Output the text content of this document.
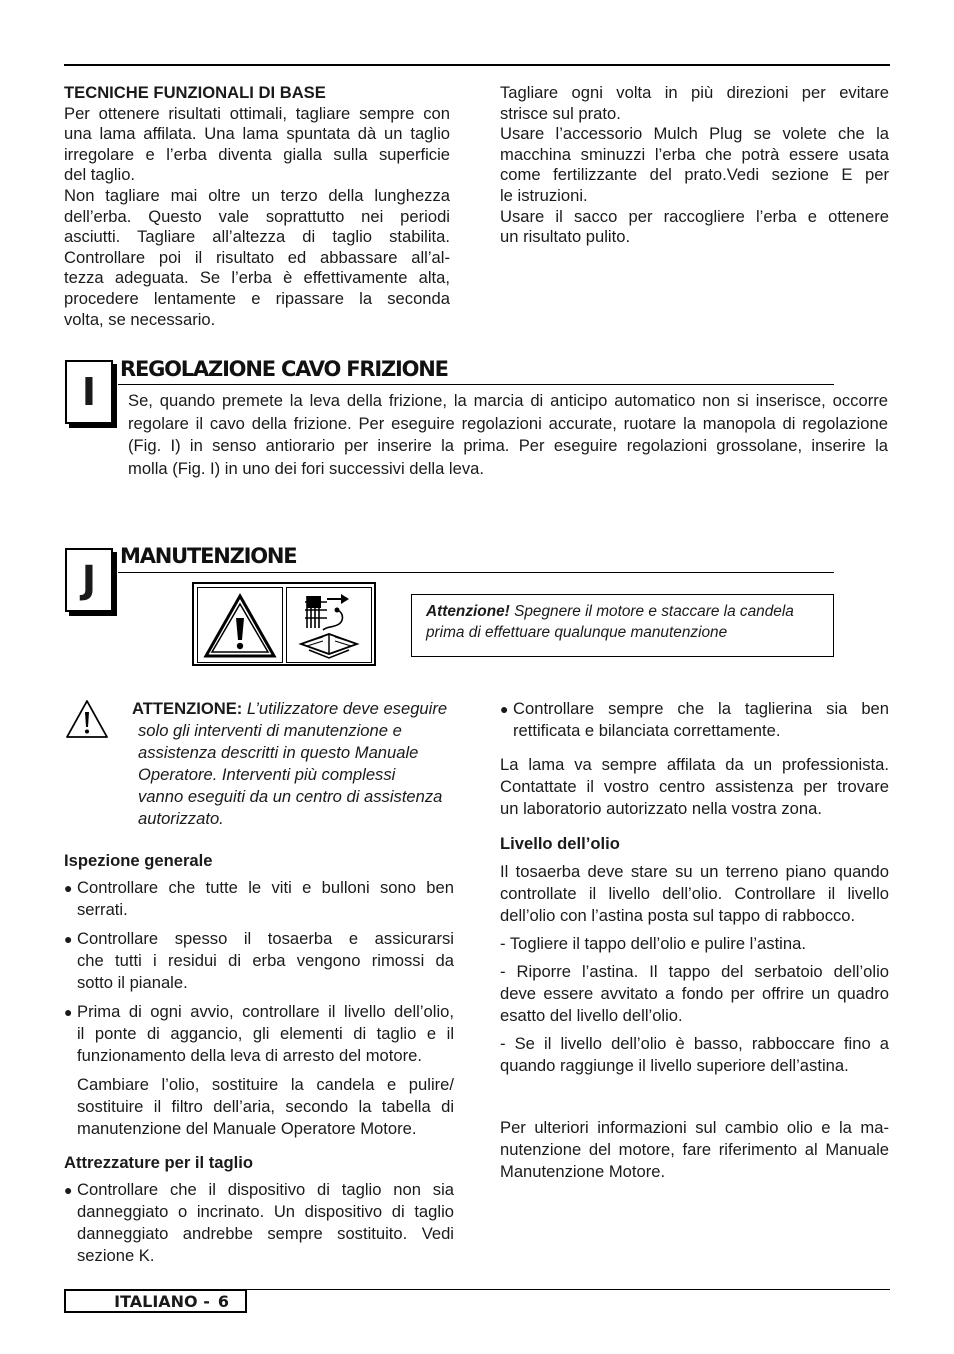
TECNICHE FUNZIONALI DI BASE

Per ottenere risultati ottimali, tagliare sempre con
una lama affilata. Una lama spuntata dà un taglio
irregolare e l’erba diventa gialla sulla superficie
del taglio.
Non tagliare mai oltre un terzo della lunghezza
dell’erba. Questo vale soprattutto nei periodi
asciutti. Tagliare all’altezza di taglio stabilita.
Controllare poi il risultato ed abbassare all’al-
tezza adeguata. Se l’erba è effettivamente alta,
procedere lentamente e ripassare la seconda
volta, se necessario.
Tagliare ogni volta in più direzioni per evitare
strisce sul prato.
Usare l’accessorio Mulch Plug se volete che la
macchina sminuzzi l’erba che potrà essere usata
come fertilizzante del prato.Vedi sezione E per
le istruzioni.
Usare il sacco per raccogliere l’erba e ottenere
un risultato pulito.
I
REGOLAZIONE CAVO FRIZIONE
Se, quando premete la leva della frizione, la marcia di anticipo automatico non si inserisce, occorre
regolare il cavo della frizione. Per eseguire regolazioni accurate, ruotare la manopola di regolazione
(Fig. I) in senso antiorario per inserire la prima. Per eseguire regolazioni grossolane, inserire la
molla (Fig. I) in uno dei fori successivi della leva.
J
MANUTENZIONE
Attenzione! Spegnere il motore e staccare la candela
prima di effettuare qualunque manutenzione
ATTENZIONE: L’utilizzatore deve eseguire
solo gli interventi di manutenzione e
assistenza descritti in questo Manuale
Operatore. Interventi più complessi
vanno eseguiti da un centro di assistenza
autorizzato.
Ispezione generale
● Controllare che tutte le viti e bulloni sono ben
serrati.
● Controllare spesso il tosaerba e assicurarsi
che tutti i residui di erba vengono rimossi da
sotto il pianale.
● Prima di ogni avvio, controllare il livello dell’olio,
il ponte di aggancio, gli elementi di taglio e il
funzionamento della leva di arresto del motore.
Cambiare l’olio, sostituire la candela e pulire/
sostituire il filtro dell’aria, secondo la tabella di
manutenzione del Manuale Operatore Motore.
Attrezzature per il taglio
● Controllare che il dispositivo di taglio non sia
danneggiato o incrinato. Un dispositivo di taglio
danneggiato andrebbe sempre sostituito. Vedi
sezione K.
● Controllare sempre che la taglierina sia ben
rettificata e bilanciata correttamente.
La lama va sempre affilata da un professionista.
Contattate il vostro centro assistenza per trovare
un laboratorio autorizzato nella vostra zona.
Livello dell’olio
Il tosaerba deve stare su un terreno piano quando
controllate il livello dell’olio. Controllare il livello
dell’olio con l’astina posta sul tappo di rabbocco.
- Togliere il tappo dell’olio e pulire l’astina.
- Riporre l’astina. Il tappo del serbatoio dell’olio
deve essere avvitato a fondo per offrire un quadro
esatto del livello dell’olio.
- Se il livello dell’olio è basso, rabboccare fino a
quando raggiunge il livello superiore dell’astina.
Per ulteriori informazioni sul cambio olio e la ma-
nutenzione del motore, fare riferimento al Manuale
Manutenzione Motore.
ITALIANO - 6
